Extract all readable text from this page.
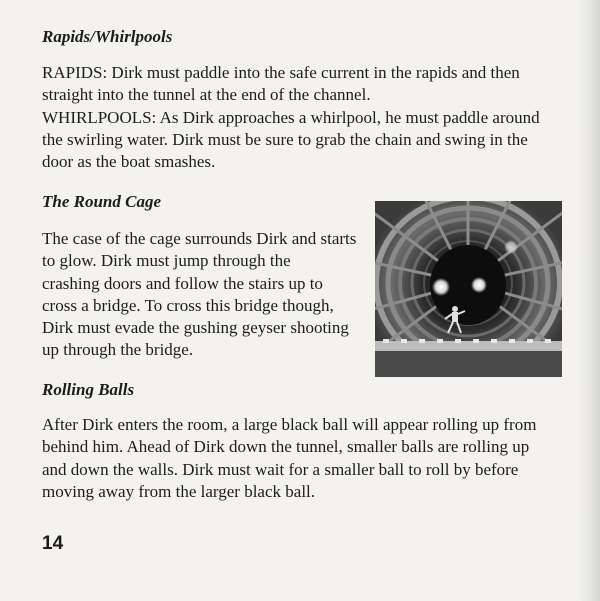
Rapids/Whirlpools

RAPIDS: Dirk must paddle into the safe current in the rapids and then
straight into the tunnel at the end of the channel.
WHIRLPOOLS: As Dirk approaches a whirlpool, he must paddle around
the swirling water. Dirk must be sure to grab the chain and swing in the
door as the boat smashes.

The Round Cage

The case of the cage surrounds Dirk and starts
to glow. Dirk must jump through the
crashing doors and follow the stairs up to
cross a bridge. To cross this bridge though,
Dirk must evade the gushing geyser shooting
up through the bridge.

Rolling Balls

After Dirk enters the room, a large black ball will appear rolling up from
behind him. Ahead of Dirk down the tunnel, smaller balls are rolling up
and down the walls. Dirk must wait for a smaller ball to roll by before
moving away from the larger black ball.

14
